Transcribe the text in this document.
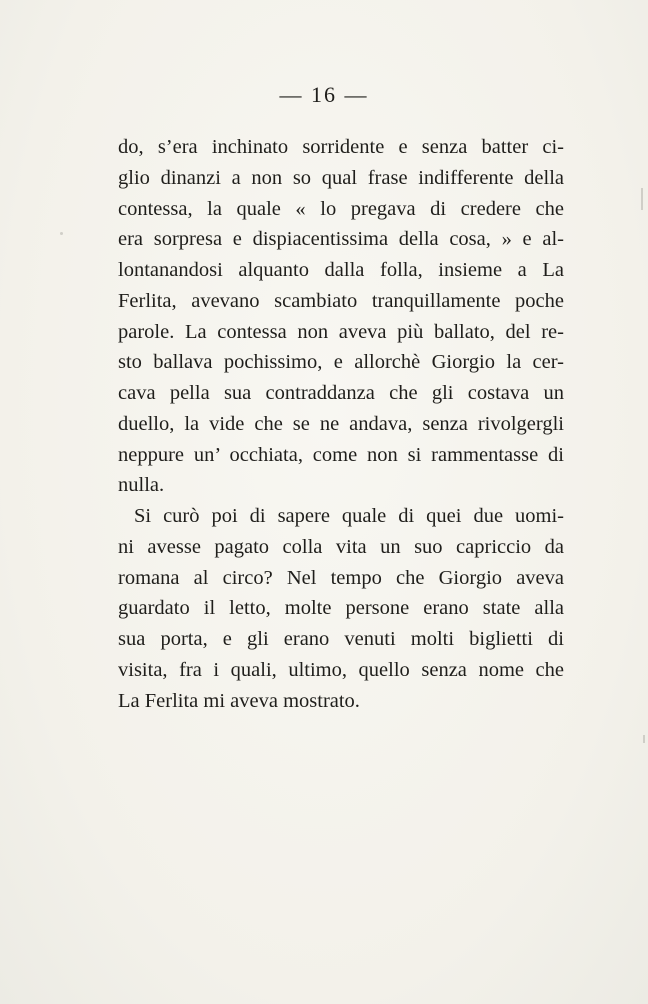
— 16 —
do, s’era inchinato sorridente e senza batter ci-
glio dinanzi a non so qual frase indifferente della
contessa, la quale « lo pregava di credere che
era sorpresa e dispiacentissima della cosa, » e al-
lontanandosi alquanto dalla folla, insieme a La
Ferlita, avevano scambiato tranquillamente poche
parole. La contessa non aveva più ballato, del re-
sto ballava pochissimo, e allorchè Giorgio la cer-
cava pella sua contraddanza che gli costava un
duello, la vide che se ne andava, senza rivolgergli
neppure un’ occhiata, come non si rammentasse di
nulla.
Si curò poi di sapere quale di quei due uomi-
ni avesse pagato colla vita un suo capriccio da
romana al circo? Nel tempo che Giorgio aveva
guardato il letto, molte persone erano state alla
sua porta, e gli erano venuti molti biglietti di
visita, fra i quali, ultimo, quello senza nome che
La Ferlita mi aveva mostrato.
